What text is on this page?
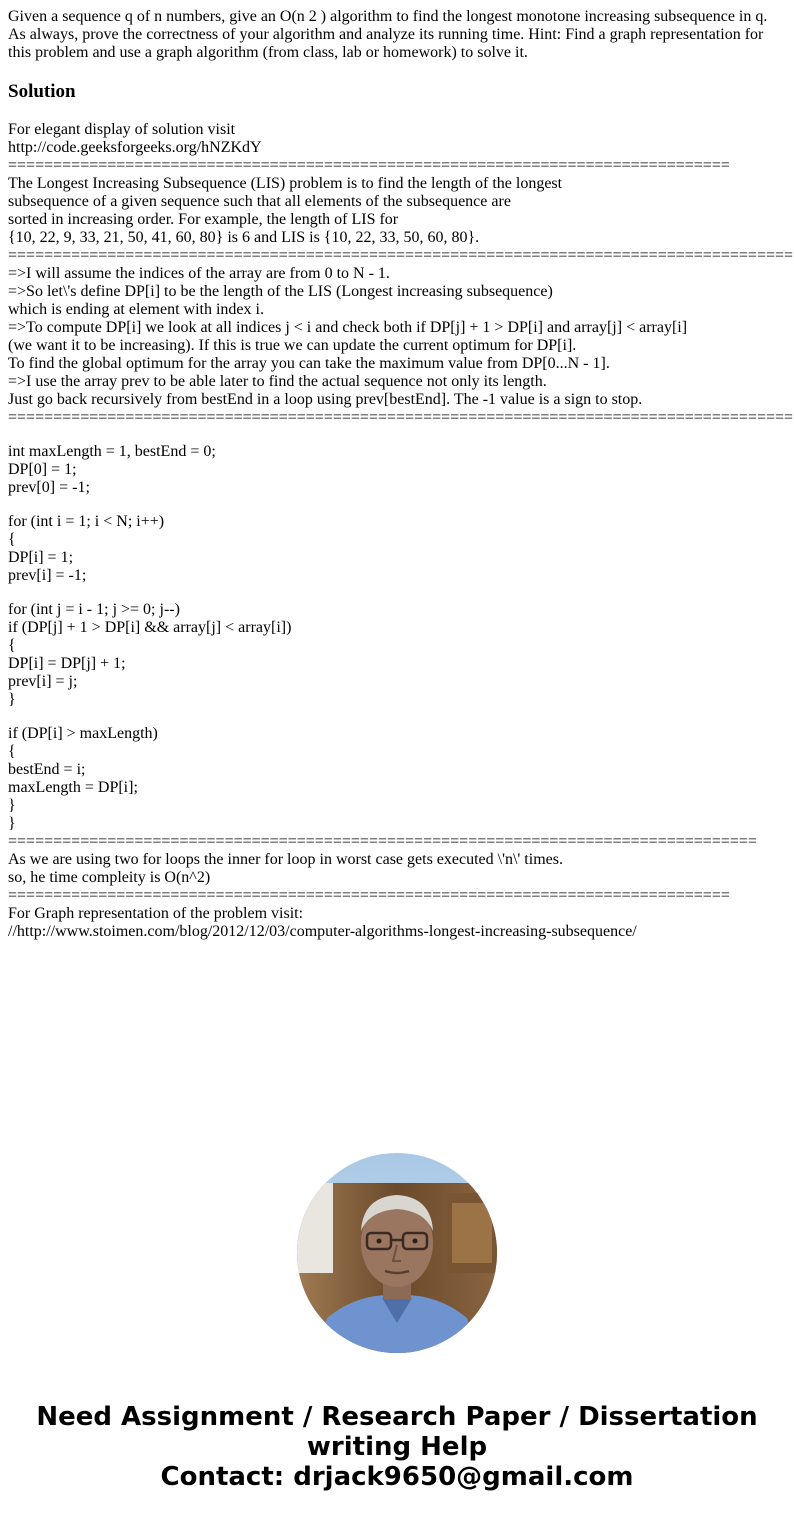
Given a sequence q of n numbers, give an O(n 2 ) algorithm to find the longest monotone increasing subsequence in q.
As always, prove the correctness of your algorithm and analyze its running time. Hint: Find a graph representation for
this problem and use a graph algorithm (from class, lab or homework) to solve it.
Solution
For elegant display of solution visit
http://code.geeksforgeeks.org/hNZKdY
================================================================================
The Longest Increasing Subsequence (LIS) problem is to find the length of the longest
subsequence of a given sequence such that all elements of the subsequence are
sorted in increasing order. For example, the length of LIS for
{10, 22, 9, 33, 21, 50, 41, 60, 80} is 6 and LIS is {10, 22, 33, 50, 60, 80}.
=======================================================================================
=>I will assume the indices of the array are from 0 to N - 1.
=>So let\'s define DP[i] to be the length of the LIS (Longest increasing subsequence)
which is ending at element with index i.
=>To compute DP[i] we look at all indices j < i and check both if DP[j] + 1 > DP[i] and array[j] < array[i]
(we want it to be increasing). If this is true we can update the current optimum for DP[i].
To find the global optimum for the array you can take the maximum value from DP[0...N - 1].
=>I use the array prev to be able later to find the actual sequence not only its length.
Just go back recursively from bestEnd in a loop using prev[bestEnd]. The -1 value is a sign to stop.
=======================================================================================
int maxLength = 1, bestEnd = 0;
DP[0] = 1;
prev[0] = -1;
for (int i = 1; i < N; i++)
{
DP[i] = 1;
prev[i] = -1;
for (int j = i - 1; j >= 0; j--)
if (DP[j] + 1 > DP[i] && array[j] < array[i])
{
DP[i] = DP[j] + 1;
prev[i] = j;
}
if (DP[i] > maxLength)
{
bestEnd = i;
maxLength = DP[i];
}
}
===================================================================================
As we are using two for loops the inner for loop in worst case gets executed \'n\' times.
so, he time compleity is O(n^2)
================================================================================
For Graph representation of the problem visit:
//http://www.stoimen.com/blog/2012/12/03/computer-algorithms-longest-increasing-subsequence/
Need Assignment / Research Paper / Dissertation
writing Help
Contact: drjack9650@gmail.com
